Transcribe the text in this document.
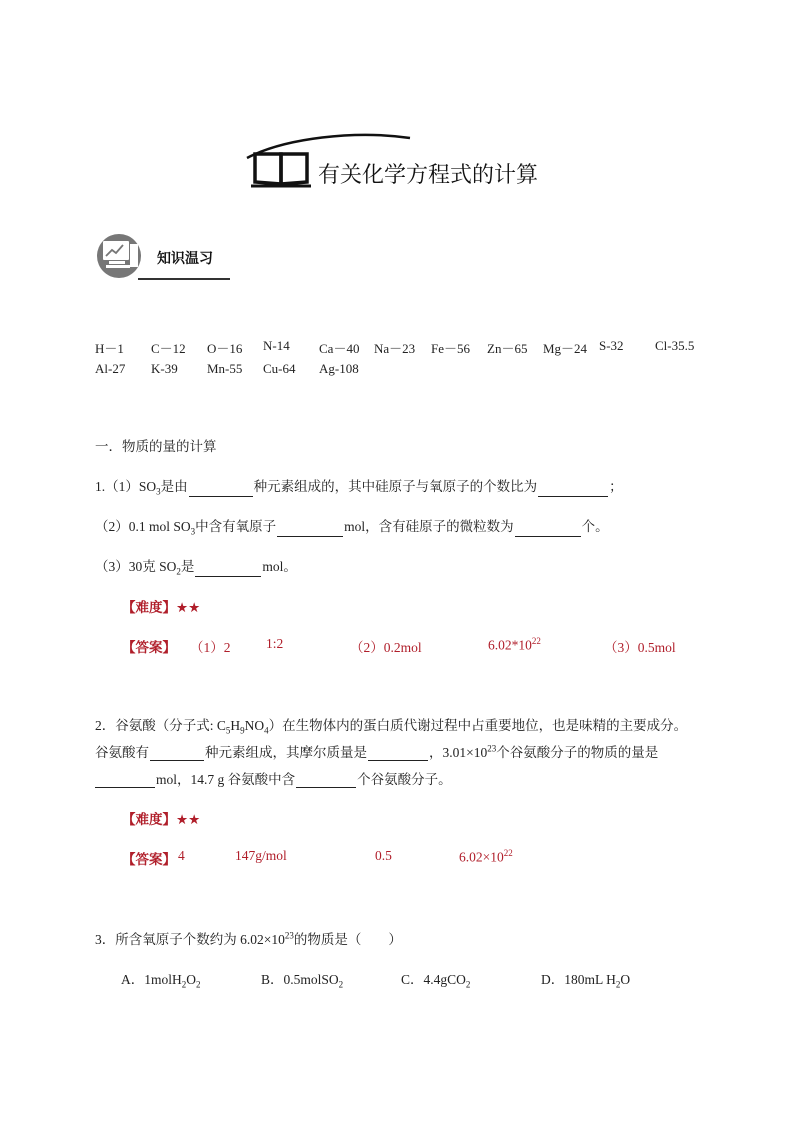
有关化学方程式的计算
知识温习
H－1 C－12 O－16 N-14 Ca－40 Na－23 Fe－56 Zn－65 Mg－24 S-32 Cl-35.5
Al-27 K-39 Mn-55 Cu-64 Ag-108
一．物质的量的计算
$1.(1)SO_3$是由	种元素组成的，其中硅原子与氧原子的个数比为	；
（2）0.1 mol $SO_3$中含有氧原子	mol，含有硅原子的微粒数为	个。
（3）30克 $SO_2$是	mol。
【难度】★★
【答案】 （1）2	1:2	（2）0.2mol	$6.02*10^{22}$	（3）0.5mol
2．谷氨酸（分子式: $C_5H_9NO_4$）在生物体内的蛋白质代谢过程中占重要地位，也是味精的主要成分。
谷氨酸有	种元素组成，其摩尔质量是	，$3.01\times 10^{23}$个谷氨酸分子的物质的量是
mol，14.7 g 谷氨酸中含	个谷氨酸分子。
【难度】★★
【答案】 4	147g/mol	0.5	$6.02\times 10^{22}$
3．所含氧原子个数约为 $6.02\times 10^{23}$的物质是（　　）
A．$1molH_2O_2$	B．0.5molSO$_2$	C．4.4gCO$_2$	D．180mL $H_2O$
